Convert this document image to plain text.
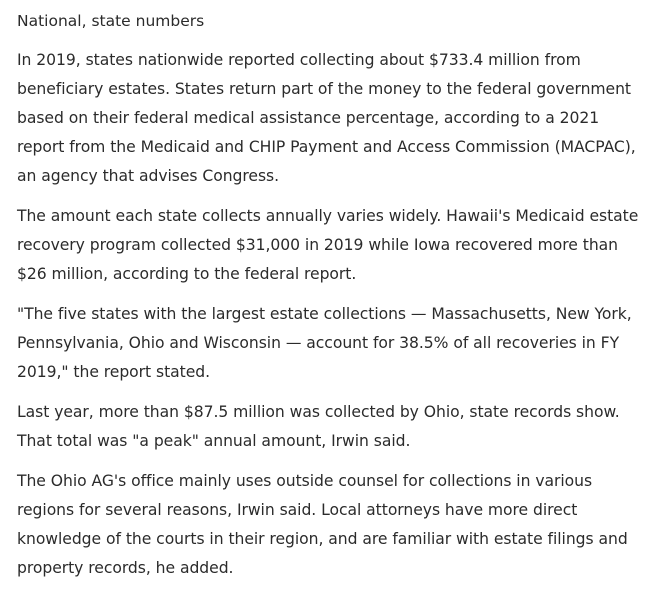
National, state numbers

In 2019, states nationwide reported collecting about $733.4 million from beneficiary estates. States return part of the money to the federal government based on their federal medical assistance percentage, according to a 2021 report from the Medicaid and CHIP Payment and Access Commission (MACPAC), an agency that advises Congress.

The amount each state collects annually varies widely. Hawaii's Medicaid estate recovery program collected $31,000 in 2019 while Iowa recovered more than $26 million, according to the federal report.

"The five states with the largest estate collections — Massachusetts, New York, Pennsylvania, Ohio and Wisconsin — account for 38.5% of all recoveries in FY 2019," the report stated.

Last year, more than $87.5 million was collected by Ohio, state records show. That total was "a peak" annual amount, Irwin said.

The Ohio AG's office mainly uses outside counsel for collections in various regions for several reasons, Irwin said. Local attorneys have more direct knowledge of the courts in their region, and are familiar with estate filings and property records, he added.
